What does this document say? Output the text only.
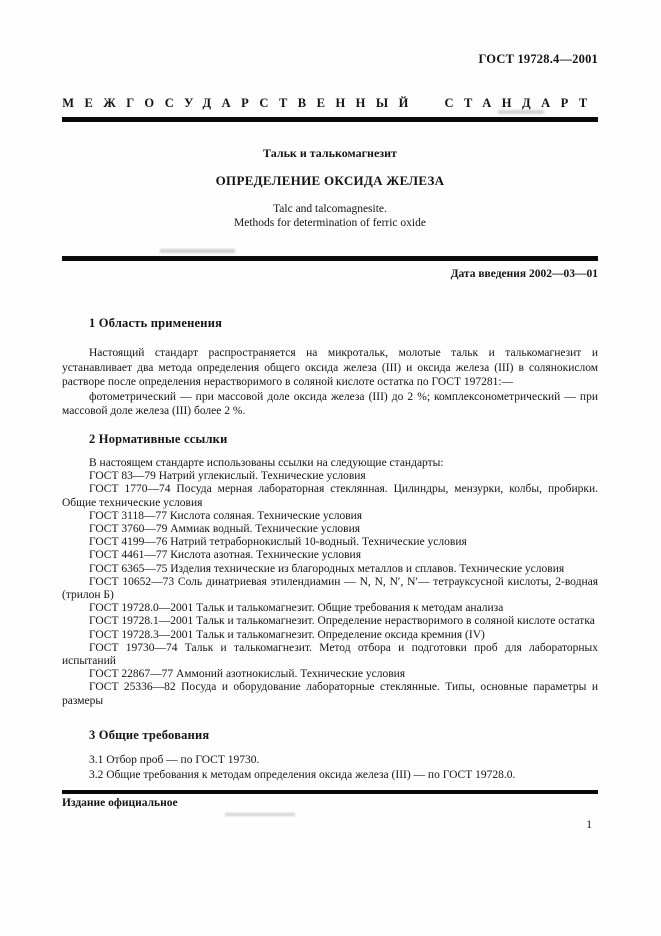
ГОСТ 19728.4—2001
МЕЖГОСУДАРСТВЕННЫЙ СТАНДАРТ
Тальк и талькомагнезит
ОПРЕДЕЛЕНИЕ ОКСИДА ЖЕЛЕЗА
Talc and talcomagnesite.
Methods for determination of ferric oxide
Дата введения 2002—03—01
1 Область применения

Настоящий стандарт распространяется на микротальк, молотые тальк и талькомагнезит и устанавливает два метода определения общего оксида железа (III) и оксида железа (III) в солянокислом растворе после определения нерастворимого в соляной кислоте остатка по ГОСТ 197281:—

фотометрический — при массовой доле оксида железа (III) до 2 %; комплексонометрический — при массовой доле железа (III) более 2 %.

2 Нормативные ссылки

В настоящем стандарте использованы ссылки на следующие стандарты:

ГОСТ 83—79 Натрий углекислый. Технические условия

ГОСТ 1770—74 Посуда мерная лабораторная стеклянная. Цилиндры, мензурки, колбы, пробирки. Общие технические условия

ГОСТ 3118—77 Кислота соляная. Технические условия

ГОСТ 3760—79 Аммиак водный. Технические условия

ГОСТ 4199—76 Натрий тетраборнокислый 10-водный. Технические условия

ГОСТ 4461—77 Кислота азотная. Технические условия

ГОСТ 6365—75 Изделия технические из благородных металлов и сплавов. Технические условия

ГОСТ 10652—73 Соль динатриевая этилендиамин — N, N, N′, N′— тетрауксусной кислоты, 2-водная (трилон Б)

ГОСТ 19728.0—2001 Тальк и талькомагнезит. Общие требования к методам анализа

ГОСТ 19728.1—2001 Тальк и талькомагнезит. Определение нерастворимого в соляной кислоте остатка

ГОСТ 19728.3—2001 Тальк и талькомагнезит. Определение оксида кремния (IV)

ГОСТ 19730—74 Тальк и талькомагнезит. Метод отбора и подготовки проб для лабораторных испытаний

ГОСТ 22867—77 Аммоний азотнокислый. Технические условия

ГОСТ 25336—82 Посуда и оборудование лабораторные стеклянные. Типы, основные параметры и размеры

3 Общие требования

3.1 Отбор проб — по ГОСТ 19730.

3.2 Общие требования к методам определения оксида железа (III) — по ГОСТ 19728.0.

Издание официальное
1
